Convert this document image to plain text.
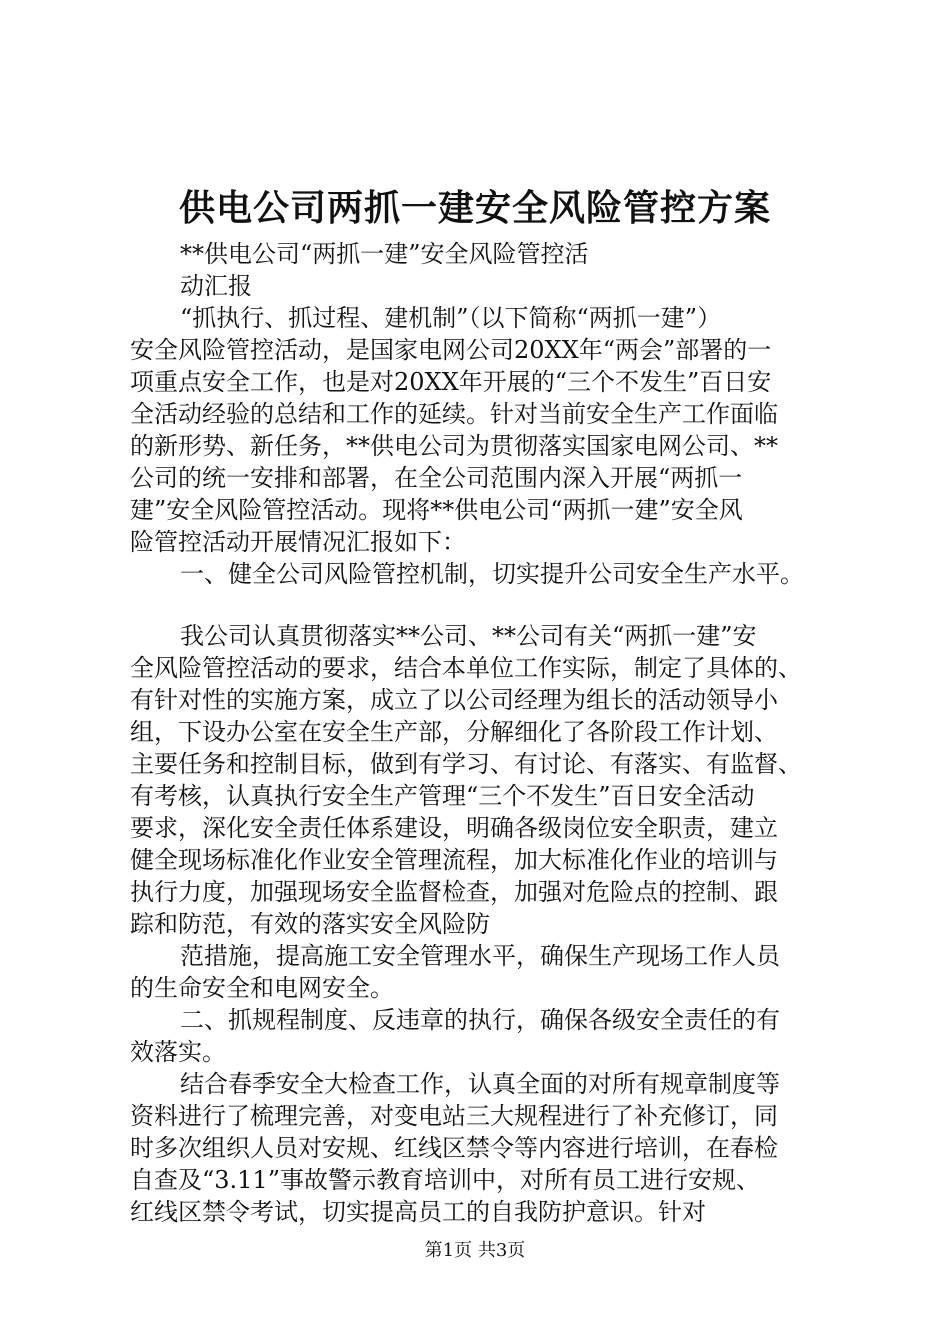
供电公司两抓一建安全风险管控方案
**供电公司“两抓一建”安全风险管控活
动汇报
“抓执行、抓过程、建机制”（以下简称“两抓一建”）
安全风险管控活动，是国家电网公司20XX年“两会”部署的一
项重点安全工作，也是对20XX年开展的“三个不发生”百日安
全活动经验的总结和工作的延续。针对当前安全生产工作面临
的新形势、新任务，**供电公司为贯彻落实国家电网公司、**
公司的统一安排和部署，在全公司范围内深入开展“两抓一
建”安全风险管控活动。现将**供电公司“两抓一建”安全风
险管控活动开展情况汇报如下：
一、健全公司风险管控机制，切实提升公司安全生产水平。
我公司认真贯彻落实**公司、**公司有关“两抓一建”安
全风险管控活动的要求，结合本单位工作实际，制定了具体的、
有针对性的实施方案，成立了以公司经理为组长的活动领导小
组，下设办公室在安全生产部，分解细化了各阶段工作计划、
主要任务和控制目标，做到有学习、有讨论、有落实、有监督、
有考核，认真执行安全生产管理“三个不发生”百日安全活动
要求，深化安全责任体系建设，明确各级岗位安全职责，建立
健全现场标准化作业安全管理流程，加大标准化作业的培训与
执行力度，加强现场安全监督检查，加强对危险点的控制、跟
踪和防范，有效的落实安全风险防
范措施，提高施工安全管理水平，确保生产现场工作人员
的生命安全和电网安全。
二、抓规程制度、反违章的执行，确保各级安全责任的有
效落实。
结合春季安全大检查工作，认真全面的对所有规章制度等
资料进行了梳理完善，对变电站三大规程进行了补充修订，同
时多次组织人员对安规、红线区禁令等内容进行培训，在春检
自查及“3.11”事故警示教育培训中，对所有员工进行安规、
红线区禁令考试，切实提高员工的自我防护意识。针对
第1页 共3页
